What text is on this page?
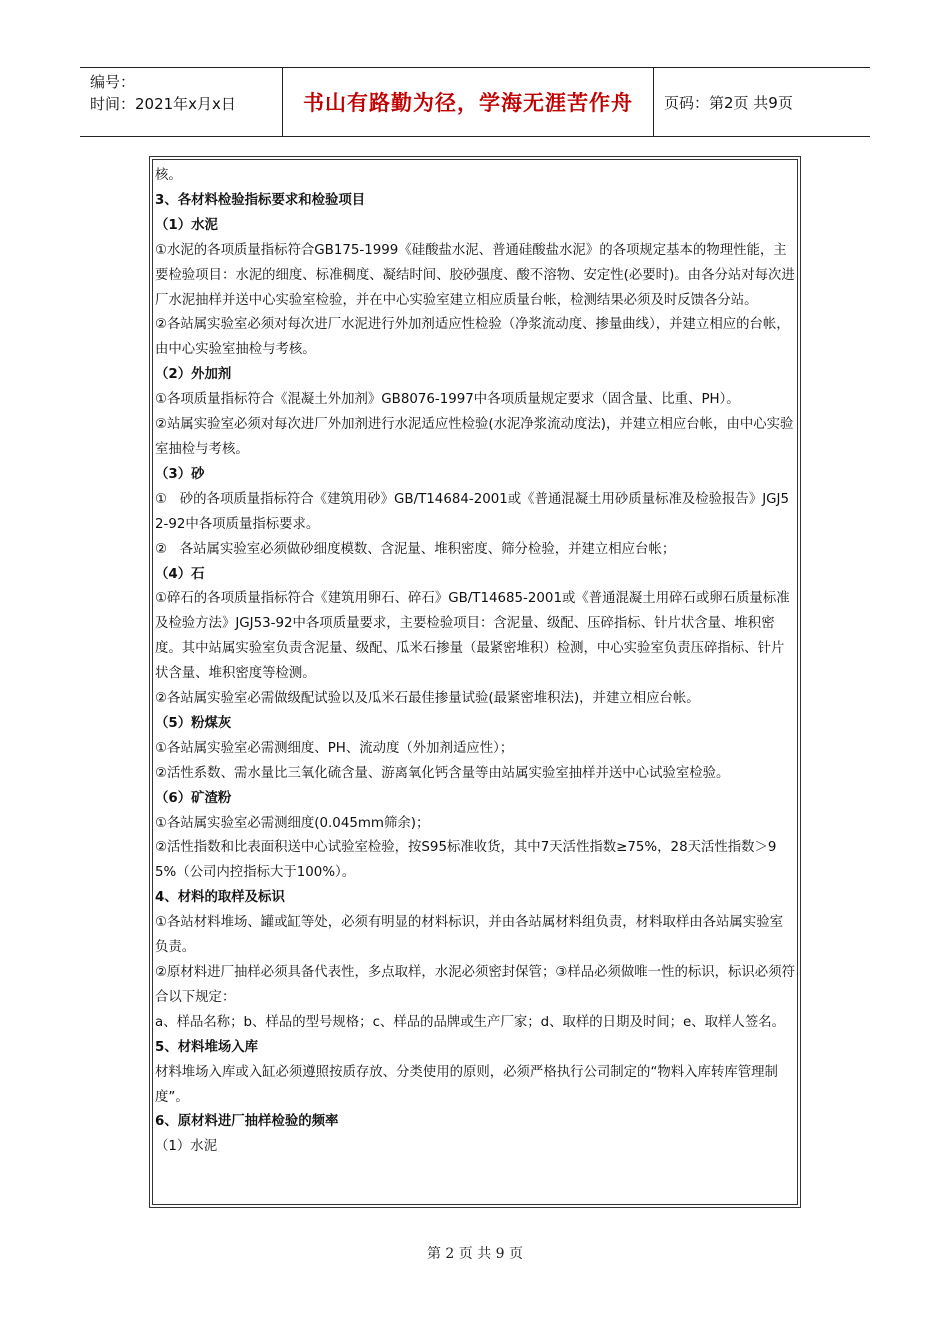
编号：
时间：2021年x月x日	书山有路勤为径，学海无涯苦作舟	页码：第2页 共9页

核。

3、各材料检验指标要求和检验项目

（1）水泥

①水泥的各项质量指标符合GB175-1999《硅酸盐水泥、普通硅酸盐水泥》的各项规定基本的物理性能，主要检验项目：水泥的细度、标准稠度、凝结时间、胶砂强度、酸不溶物、安定性(必要时)。由各分站对每次进厂水泥抽样并送中心实验室检验，并在中心实验室建立相应质量台帐，检测结果必须及时反馈各分站。

②各站属实验室必须对每次进厂水泥进行外加剂适应性检验（净浆流动度、掺量曲线），并建立相应的台帐，由中心实验室抽检与考核。

（2）外加剂

①各项质量指标符合《混凝土外加剂》GB8076-1997中各项质量规定要求（固含量、比重、PH）。

②站属实验室必须对每次进厂外加剂进行水泥适应性检验(水泥净浆流动度法)，并建立相应台帐，由中心实验室抽检与考核。

（3）砂

①   砂的各项质量指标符合《建筑用砂》GB/T14684-2001或《普通混凝土用砂质量标准及检验报告》JGJ52-92中各项质量指标要求。

②   各站属实验室必须做砂细度模数、含泥量、堆积密度、筛分检验，并建立相应台帐；

（4）石

①碎石的各项质量指标符合《建筑用卵石、碎石》GB/T14685-2001或《普通混凝土用碎石或卵石质量标准及检验方法》JGJ53-92中各项质量要求，主要检验项目：含泥量、级配、压碎指标、针片状含量、堆积密度。其中站属实验室负责含泥量、级配、瓜米石掺量（最紧密堆积）检测，中心实验室负责压碎指标、针片状含量、堆积密度等检测。

②各站属实验室必需做级配试验以及瓜米石最佳掺量试验(最紧密堆积法)，并建立相应台帐。

（5）粉煤灰

①各站属实验室必需测细度、PH、流动度（外加剂适应性）；

②活性系数、需水量比三氧化硫含量、游离氧化钙含量等由站属实验室抽样并送中心试验室检验。

（6）矿渣粉

①各站属实验室必需测细度(0.045mm筛余)；

②活性指数和比表面积送中心试验室检验，按S95标准收货，其中7天活性指数≥75%，28天活性指数＞95%（公司内控指标大于100%）。

4、材料的取样及标识

①各站材料堆场、罐或缸等处，必须有明显的材料标识，并由各站属材料组负责，材料取样由各站属实验室负责。

②原材料进厂抽样必须具备代表性，多点取样，水泥必须密封保管；③样品必须做唯一性的标识，标识必须符合以下规定：

a、样品名称；b、样品的型号规格；c、样品的品牌或生产厂家；d、取样的日期及时间；e、取样人签名。

5、材料堆场入库

材料堆场入库或入缸必须遵照按质存放、分类使用的原则，必须严格执行公司制定的“物料入库转库管理制度”。

6、原材料进厂抽样检验的频率

（1）水泥

第 2 页 共 9 页
